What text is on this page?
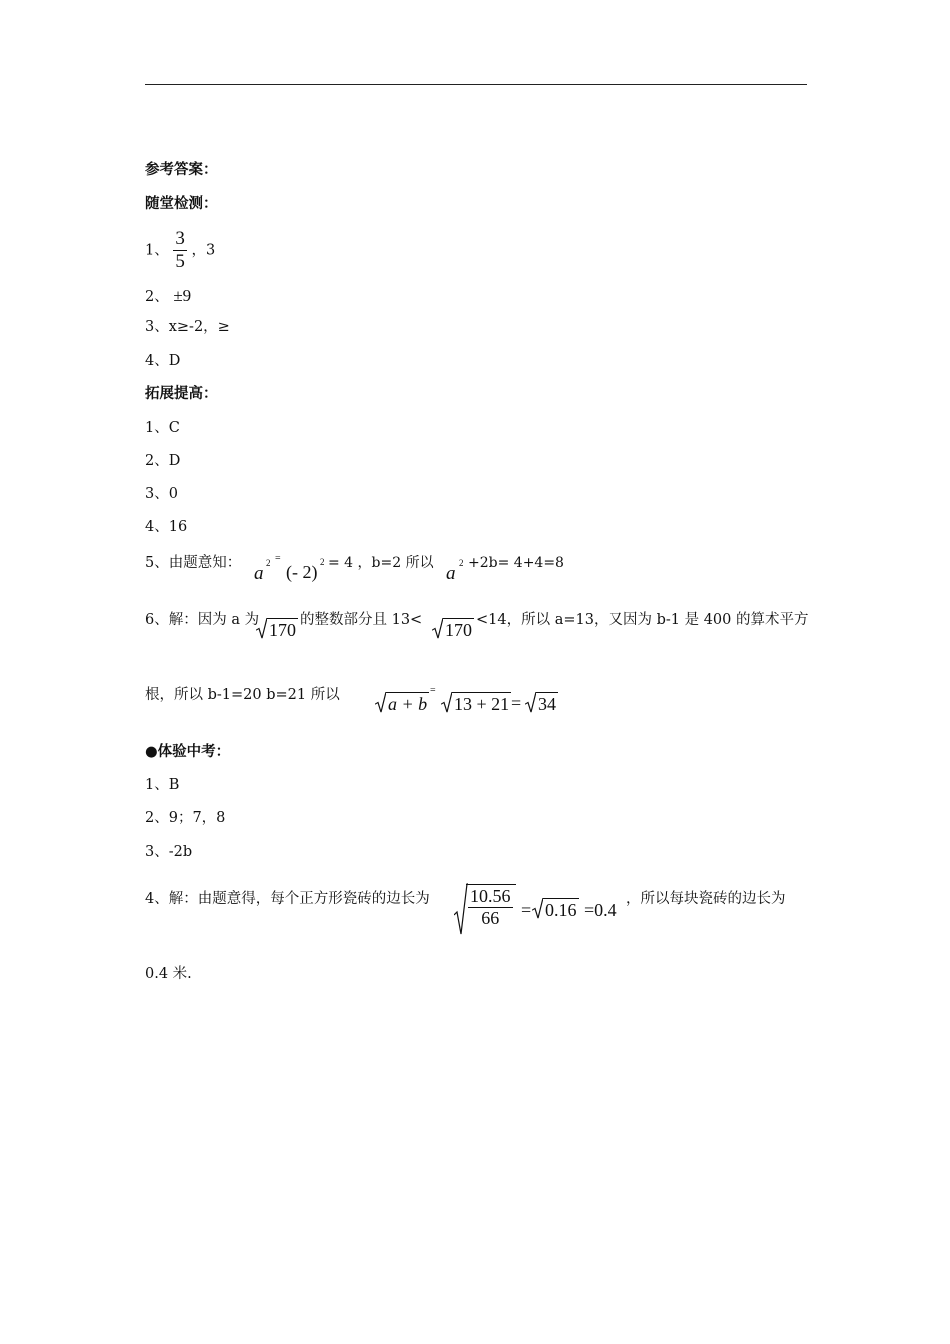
参考答案：
随堂检测：
1、 $\frac{3}{5}$ ，3
2、 ±9
3、x≥-2，≥
4、D
拓展提高：
1、C
2、D
3、0
4、16
5、由题意知： a 2 =
(- 2) 2 = 4 ，b=2 所以 a 2 +2b= 4+4=8
6、解：因为 a 为 170 的整数部分且 13<	170 <14，所以 a=13，又因为 b-1 是 400 的算术平方
根，所以 b-1=20 b=21 所以	a + b
=
13 + 21 = 34
●体验中考：
1、B
2、9；7，8
3、-2b
4、解：由题意得，每个正方形瓷砖的边长为 $\frac{10.56}{66} = 0.16 =0.4$
，所以每块瓷砖的边长为
0.4 米.
